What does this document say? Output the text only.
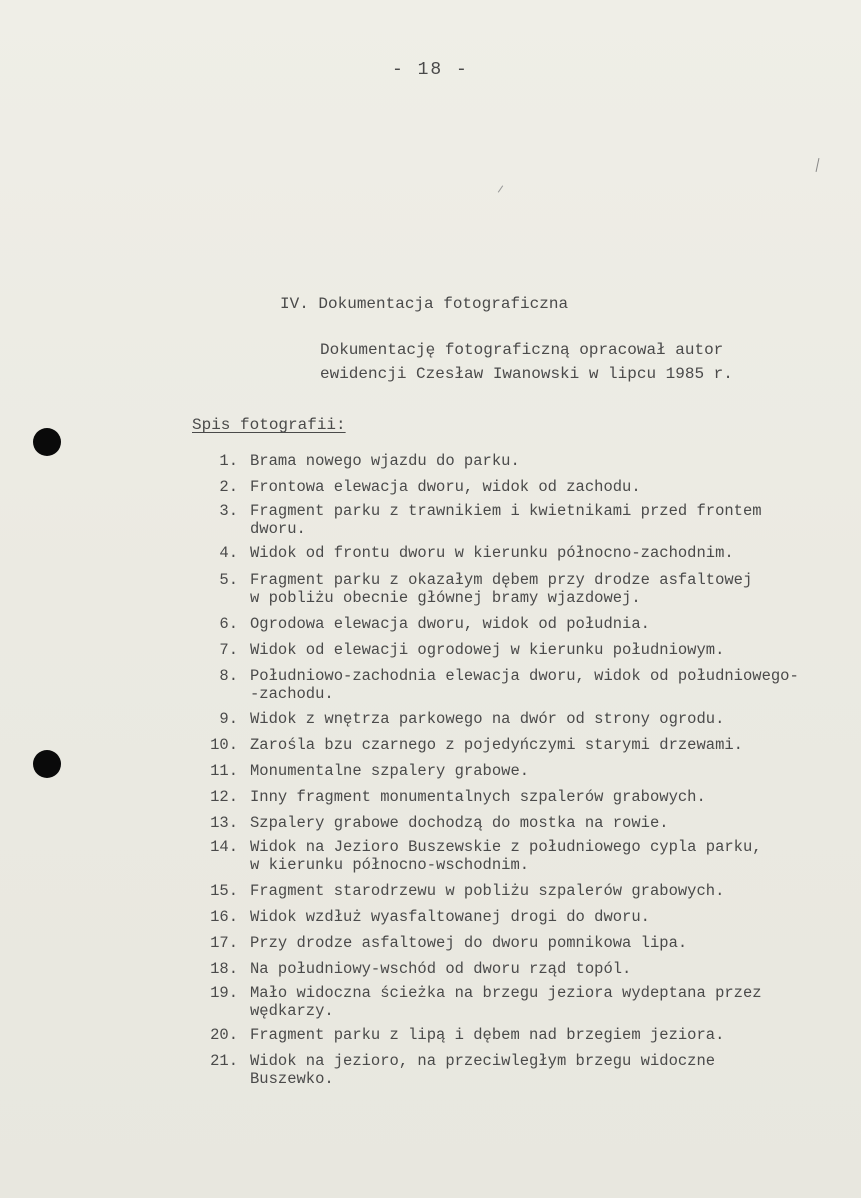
- 18 -
IV. Dokumentacja fotograficzna
Dokumentację fotograficzną opracował autor
ewidencji Czesław Iwanowski w lipcu 1985 r.
Spis fotografii:
1. Brama nowego wjazdu do parku.
2. Frontowa elewacja dworu, widok od zachodu.
3. Fragment parku z trawnikiem i kwietnikami przed frontem
dworu.
4. Widok od frontu dworu w kierunku północno-zachodnim.
5. Fragment parku z okazałym dębem przy drodze asfaltowej
w pobliżu obecnie głównej bramy wjazdowej.
6. Ogrodowa elewacja dworu, widok od południa.
7. Widok od elewacji ogrodowej w kierunku południowym.
8. Południowo-zachodnia elewacja dworu, widok od południowego-
-zachodu.
9. Widok z wnętrza parkowego na dwór od strony ogrodu.
10. Zarośla bzu czarnego z pojedyńczymi starymi drzewami.
11. Monumentalne szpalery grabowe.
12. Inny fragment monumentalnych szpalerów grabowych.
13. Szpalery grabowe dochodzą do mostka na rowie.
14. Widok na Jezioro Buszewskie z południowego cypla parku,
w kierunku północno-wschodnim.
15. Fragment starodrzewu w pobliżu szpalerów grabowych.
16. Widok wzdłuż wyasfaltowanej drogi do dworu.
17. Przy drodze asfaltowej do dworu pomnikowa lipa.
18. Na południowy-wschód od dworu rząd topól.
19. Mało widoczna ścieżka na brzegu jeziora wydeptana przez
wędkarzy.
20. Fragment parku z lipą i dębem nad brzegiem jeziora.
21. Widok na jezioro, na przeciwległym brzegu widoczne
Buszewko.
